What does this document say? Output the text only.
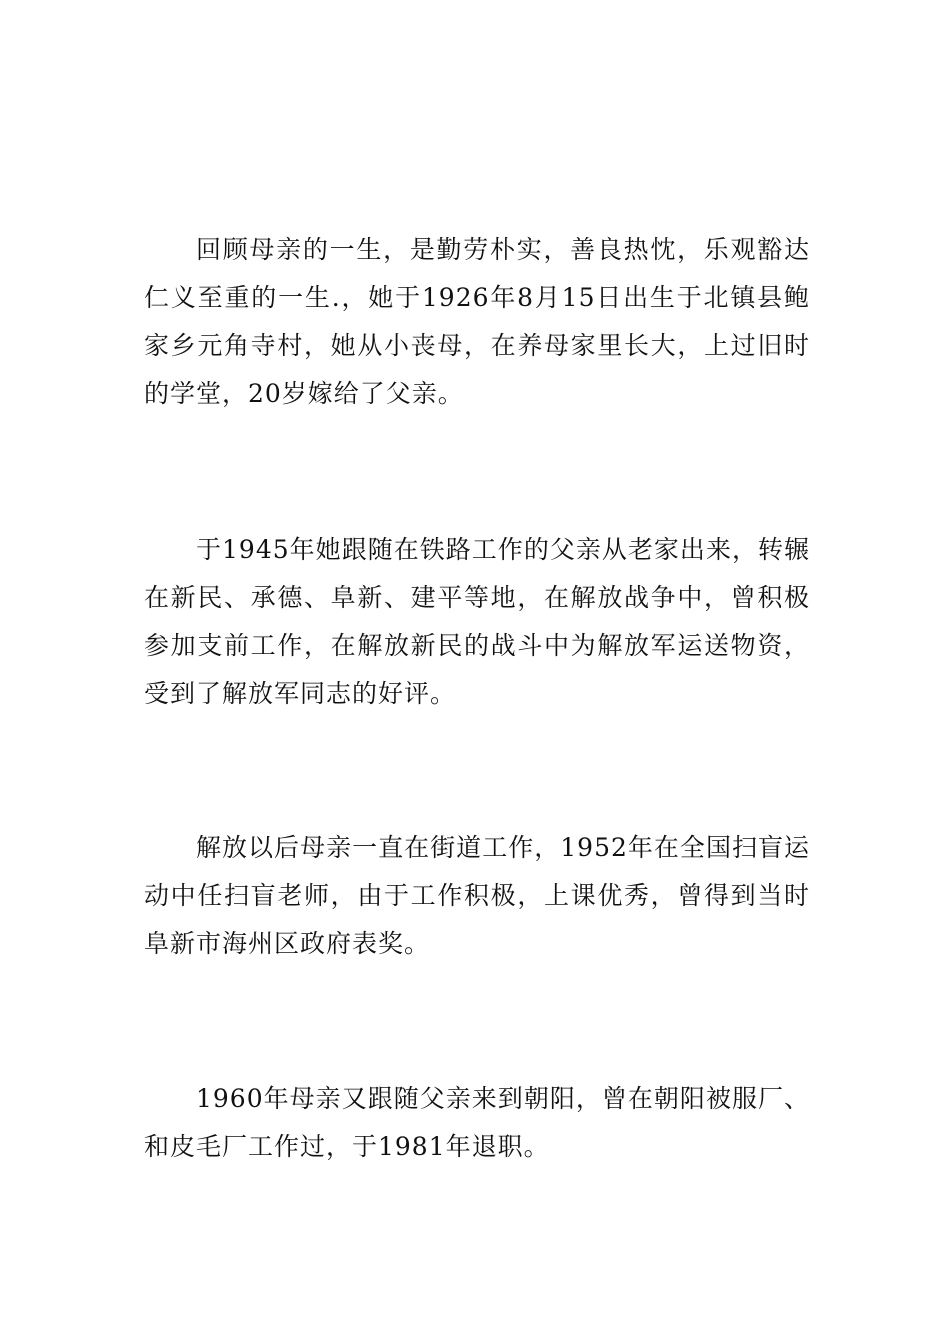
回顾母亲的一生，是勤劳朴实，善良热忱，乐观豁达仁义至重的一生.，她于1926年8月15日出生于北镇县鲍家乡元角寺村，她从小丧母，在养母家里长大，上过旧时的学堂，20岁嫁给了父亲。

于1945年她跟随在铁路工作的父亲从老家出来，转辗在新民、承德、阜新、建平等地，在解放战争中，曾积极参加支前工作，在解放新民的战斗中为解放军运送物资，受到了解放军同志的好评。

解放以后母亲一直在街道工作，1952年在全国扫盲运动中任扫盲老师，由于工作积极，上课优秀，曾得到当时阜新市海州区政府表奖。

1960年母亲又跟随父亲来到朝阳，曾在朝阳被服厂、和皮毛厂工作过，于1981年退职。
